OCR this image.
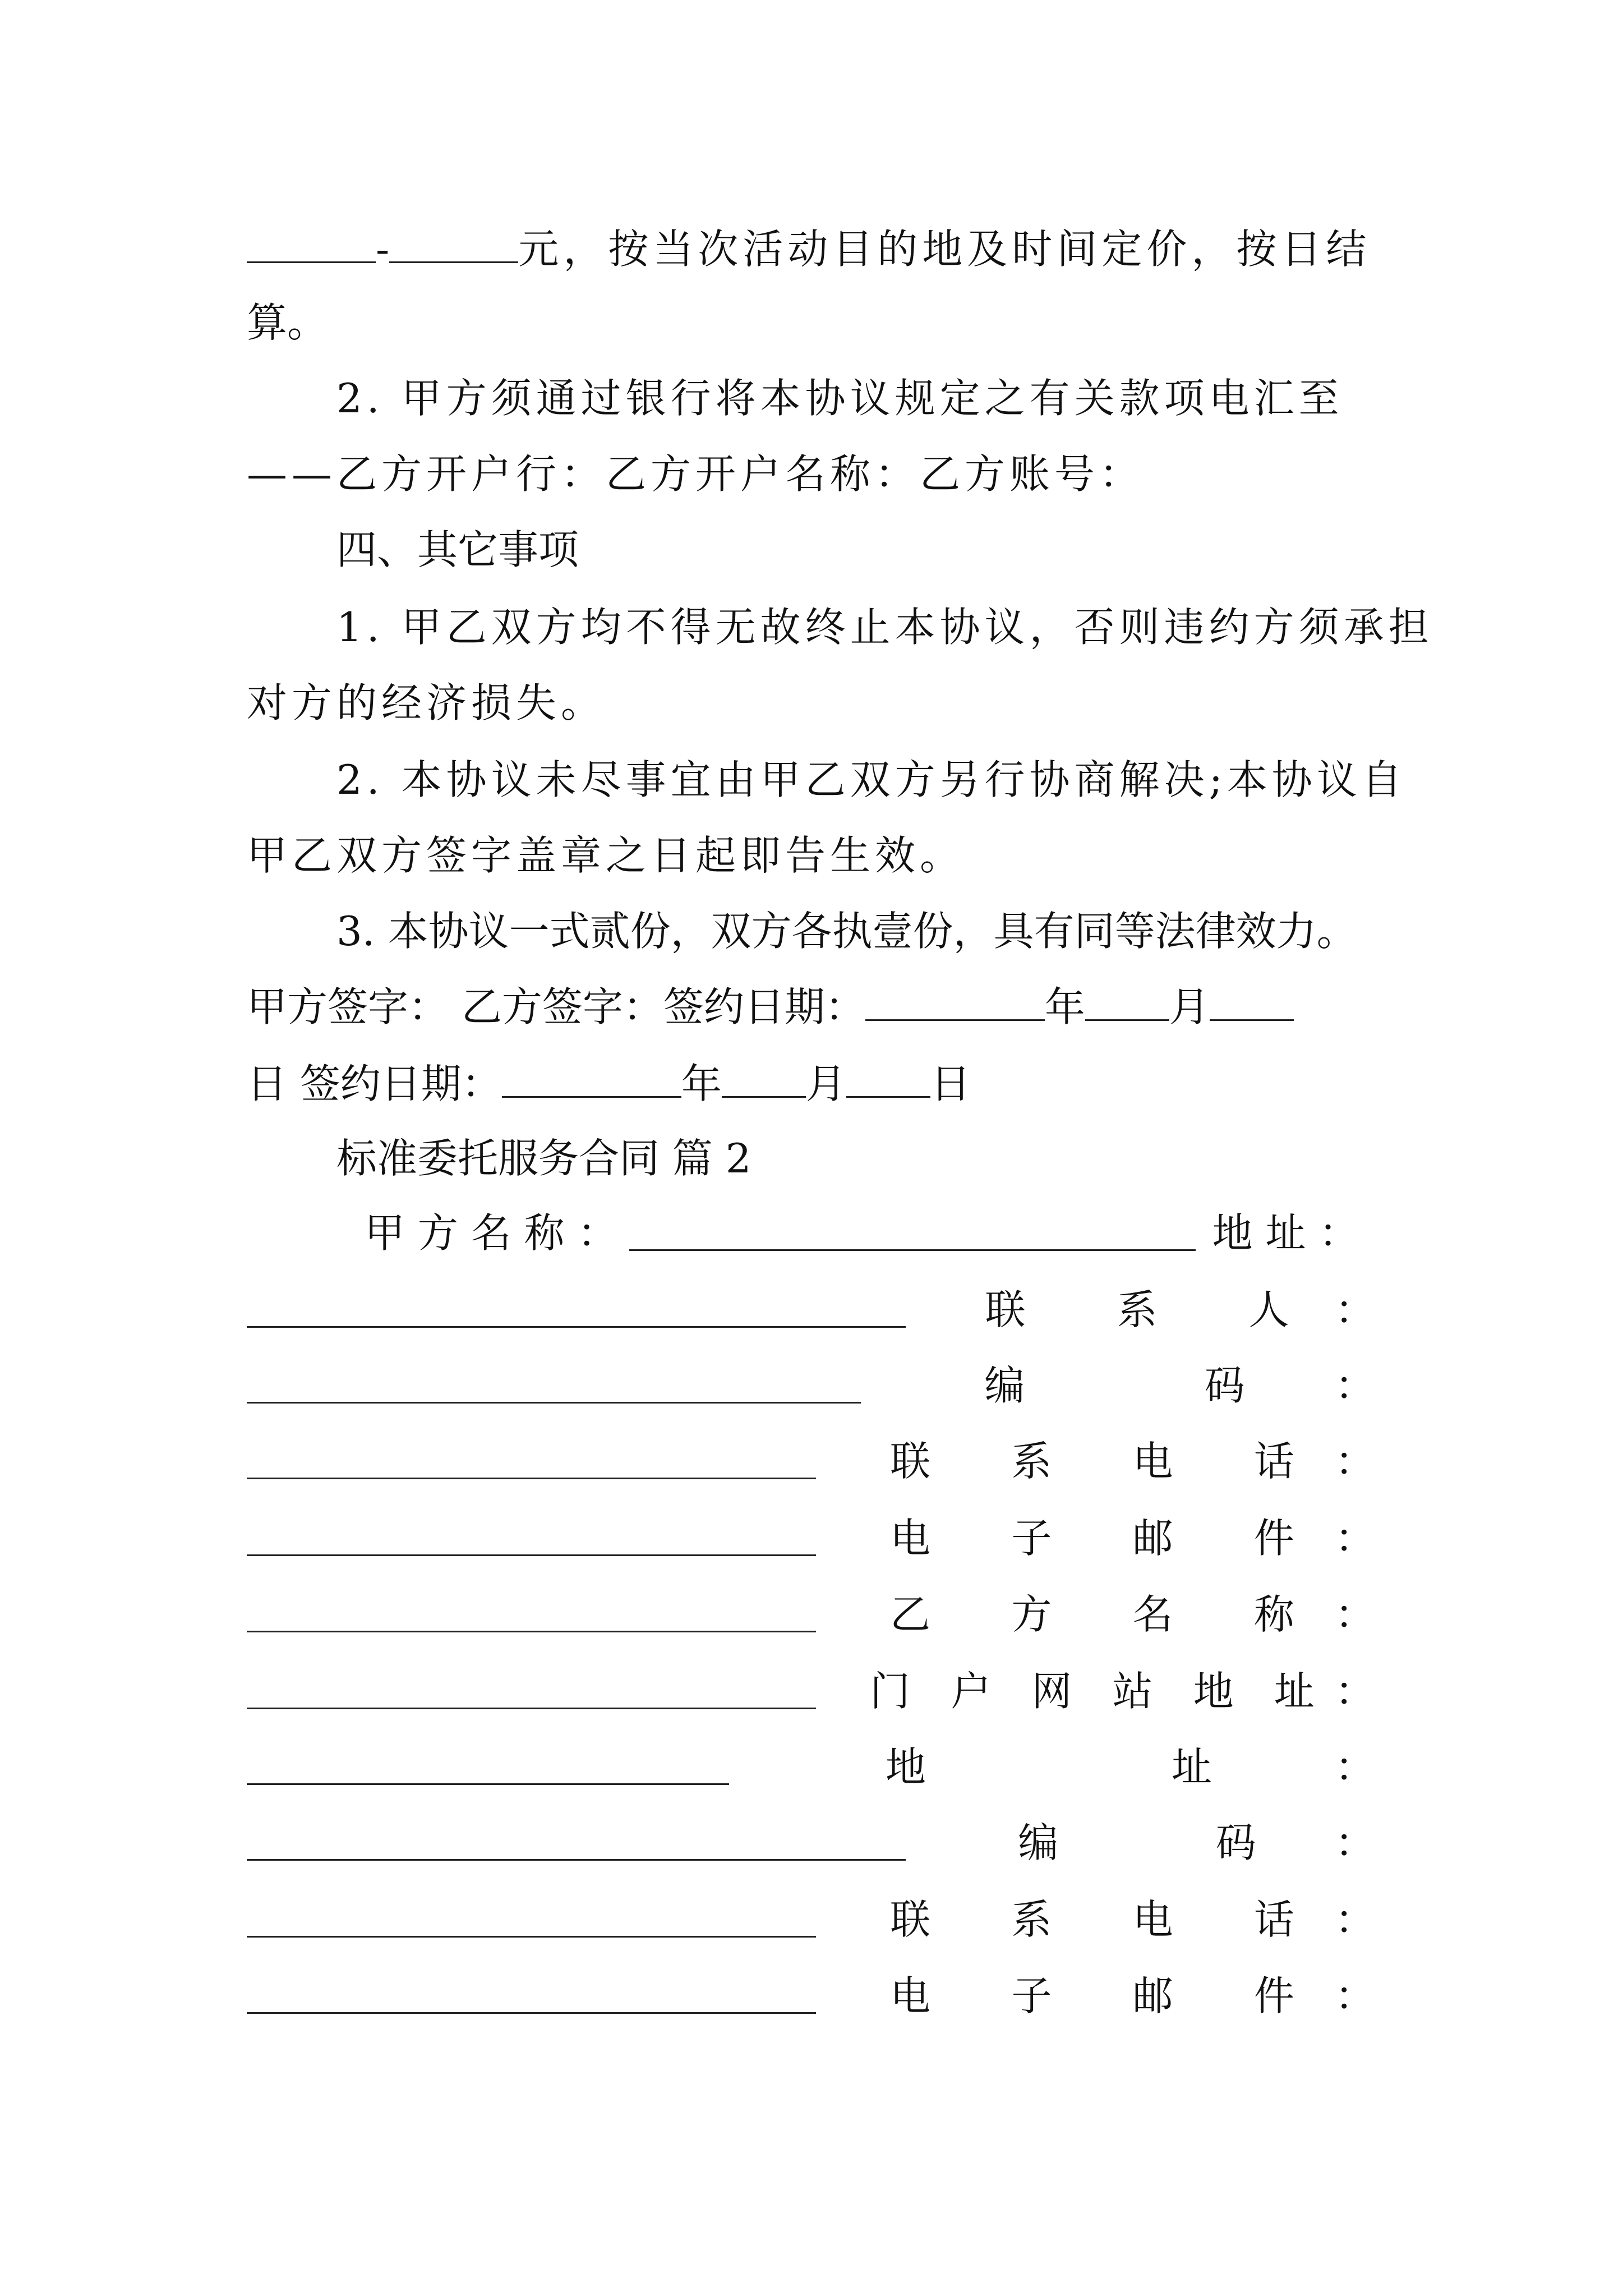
-	元，按当次活动目的地及时间定价，按日结
算。
2. 甲方须通过银行将本协议规定之有关款项电汇至
——乙方开户行：乙方开户名称：乙方账号：
四、其它事项
1. 甲乙双方均不得无故终止本协议，否则违约方须承担
对方的经济损失。
2. 本协议未尽事宜由甲乙双方另行协商解决;本协议自
甲乙双方签字盖章之日起即告生效。
3. 本协议一式贰份，双方各执壹份，具有同等法律效力。
甲方签字： 乙方签字：签约日期：	年 月
日 签约日期：	年 月 日
标准委托服务合同 篇 2
甲 方 名 称 ：	地 址 ：
联 系 人 ：
编	码 ：
联 系 电 话 ：
电 子 邮 件 ：
乙 方 名 称 ：
门 户 网 站 地 址 ：
地	址	：
编	码 ：
联 系 电 话 ：
电 子 邮 件 ：
